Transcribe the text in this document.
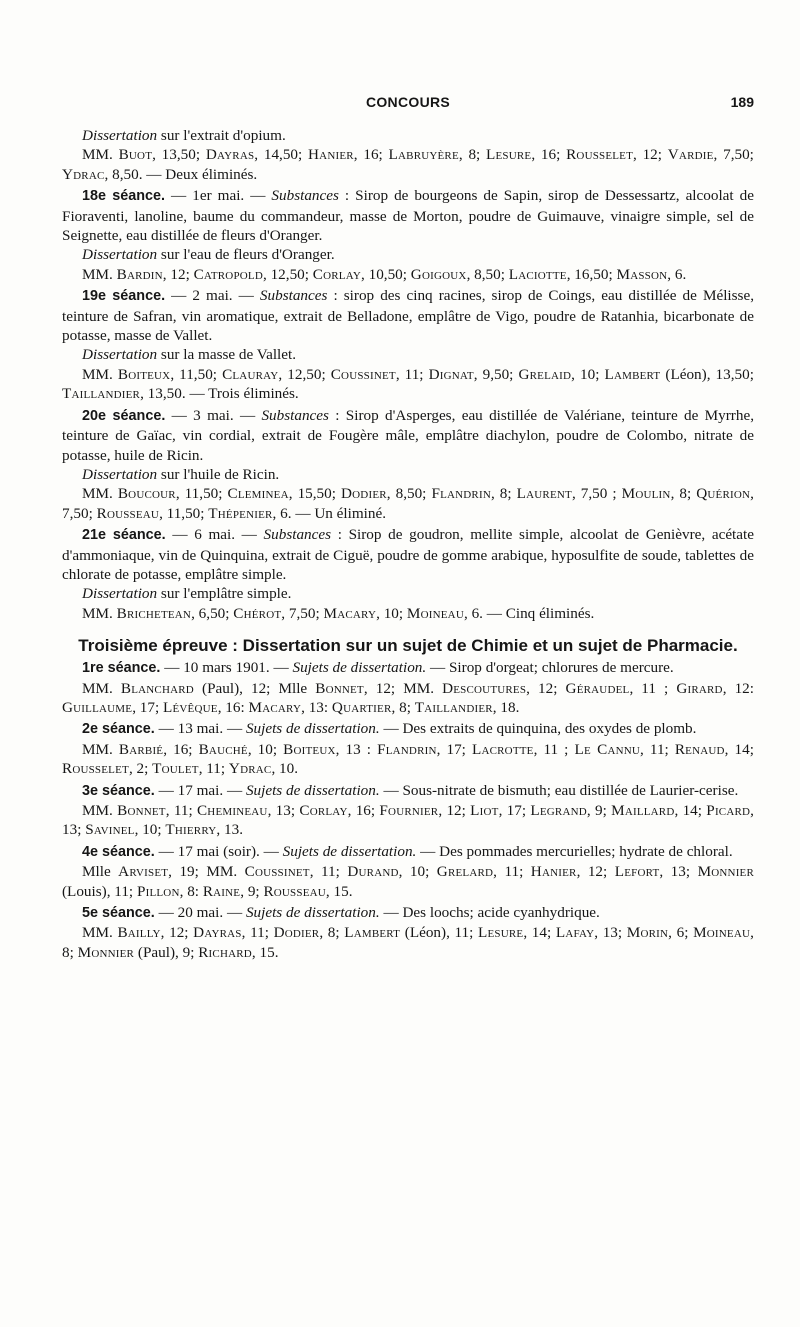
CONCOURS	189

Dissertation sur l'extrait d'opium.

MM. Buot, 13,50; Dayras, 14,50; Hanier, 16; Labruyère, 8; Lesure, 16; Rousselet, 12; Vardie, 7,50; Ydrac, 8,50. — Deux éliminés.

18e séance. — 1er mai. — Substances : Sirop de bourgeons de Sapin, sirop de Dessessartz, alcoolat de Fioraventi, lanoline, baume du commandeur, masse de Morton, poudre de Guimauve, vinaigre simple, sel de Seignette, eau distillée de fleurs d'Oranger.

Dissertation sur l'eau de fleurs d'Oranger.

MM. Bardin, 12; Catropold, 12,50; Corlay, 10,50; Goigoux, 8,50; Laciotte, 16,50; Masson, 6.

19e séance. — 2 mai. — Substances : sirop des cinq racines, sirop de Coings, eau distillée de Mélisse, teinture de Safran, vin aromatique, extrait de Belladone, emplâtre de Vigo, poudre de Ratanhia, bicarbonate de potasse, masse de Vallet.

Dissertation sur la masse de Vallet.

MM. Boiteux, 11,50; Clauray, 12,50; Coussinet, 11; Dignat, 9,50; Grelaid, 10; Lambert (Léon), 13,50; Taillandier, 13,50. — Trois éliminés.

20e séance. — 3 mai. — Substances : Sirop d'Asperges, eau distillée de Valériane, teinture de Myrrhe, teinture de Gaïac, vin cordial, extrait de Fougère mâle, emplâtre diachylon, poudre de Colombo, nitrate de potasse, huile de Ricin.

Dissertation sur l'huile de Ricin.

MM. Boucour, 11,50; Cleminea, 15,50; Dodier, 8,50; Flandrin, 8; Laurent, 7,50 ; Moulin, 8; Quérion, 7,50; Rousseau, 11,50; Thépenier, 6. — Un éliminé.

21e séance. — 6 mai. — Substances : Sirop de goudron, mellite simple, alcoolat de Genièvre, acétate d'ammoniaque, vin de Quinquina, extrait de Ciguë, poudre de gomme arabique, hyposulfite de soude, tablettes de chlorate de potasse, emplâtre simple.

Dissertation sur l'emplâtre simple.

MM. Brichetean, 6,50; Chérot, 7,50; Macary, 10; Moineau, 6. — Cinq éliminés.

Troisième épreuve : Dissertation sur un sujet de Chimie et un sujet de Pharmacie.

1re séance. — 10 mars 1901. — Sujets de dissertation. — Sirop d'orgeat; chlorures de mercure.

MM. Blanchard (Paul), 12; Mlle Bonnet, 12; MM. Descoutures, 12; Géraudel, 11 ; Girard, 12: Guillaume, 17; Lévêque, 16: Macary, 13: Quartier, 8; Taillandier, 18.

2e séance. — 13 mai. — Sujets de dissertation. — Des extraits de quinquina, des oxydes de plomb.

MM. Barbié, 16; Bauché, 10; Boiteux, 13 : Flandrin, 17; Lacrotte, 11 ; Le Cannu, 11; Renaud, 14; Rousselet, 2; Toulet, 11; Ydrac, 10.

3e séance. — 17 mai. — Sujets de dissertation. — Sous-nitrate de bismuth; eau distillée de Laurier-cerise.

MM. Bonnet, 11; Chemineau, 13; Corlay, 16; Fournier, 12; Liot, 17; Legrand, 9; Maillard, 14; Picard, 13; Savinel, 10; Thierry, 13.

4e séance. — 17 mai (soir). — Sujets de dissertation. — Des pommades mercurielles; hydrate de chloral.

Mlle Arviset, 19; MM. Coussinet, 11; Durand, 10; Grelard, 11; Hanier, 12; Lefort, 13; Monnier (Louis), 11; Pillon, 8: Raine, 9; Rousseau, 15.

5e séance. — 20 mai. — Sujets de dissertation. — Des loochs; acide cyanhydrique.

MM. Bailly, 12; Dayras, 11; Dodier, 8; Lambert (Léon), 11; Lesure, 14; Lafay, 13; Morin, 6; Moineau, 8; Monnier (Paul), 9; Richard, 15.
